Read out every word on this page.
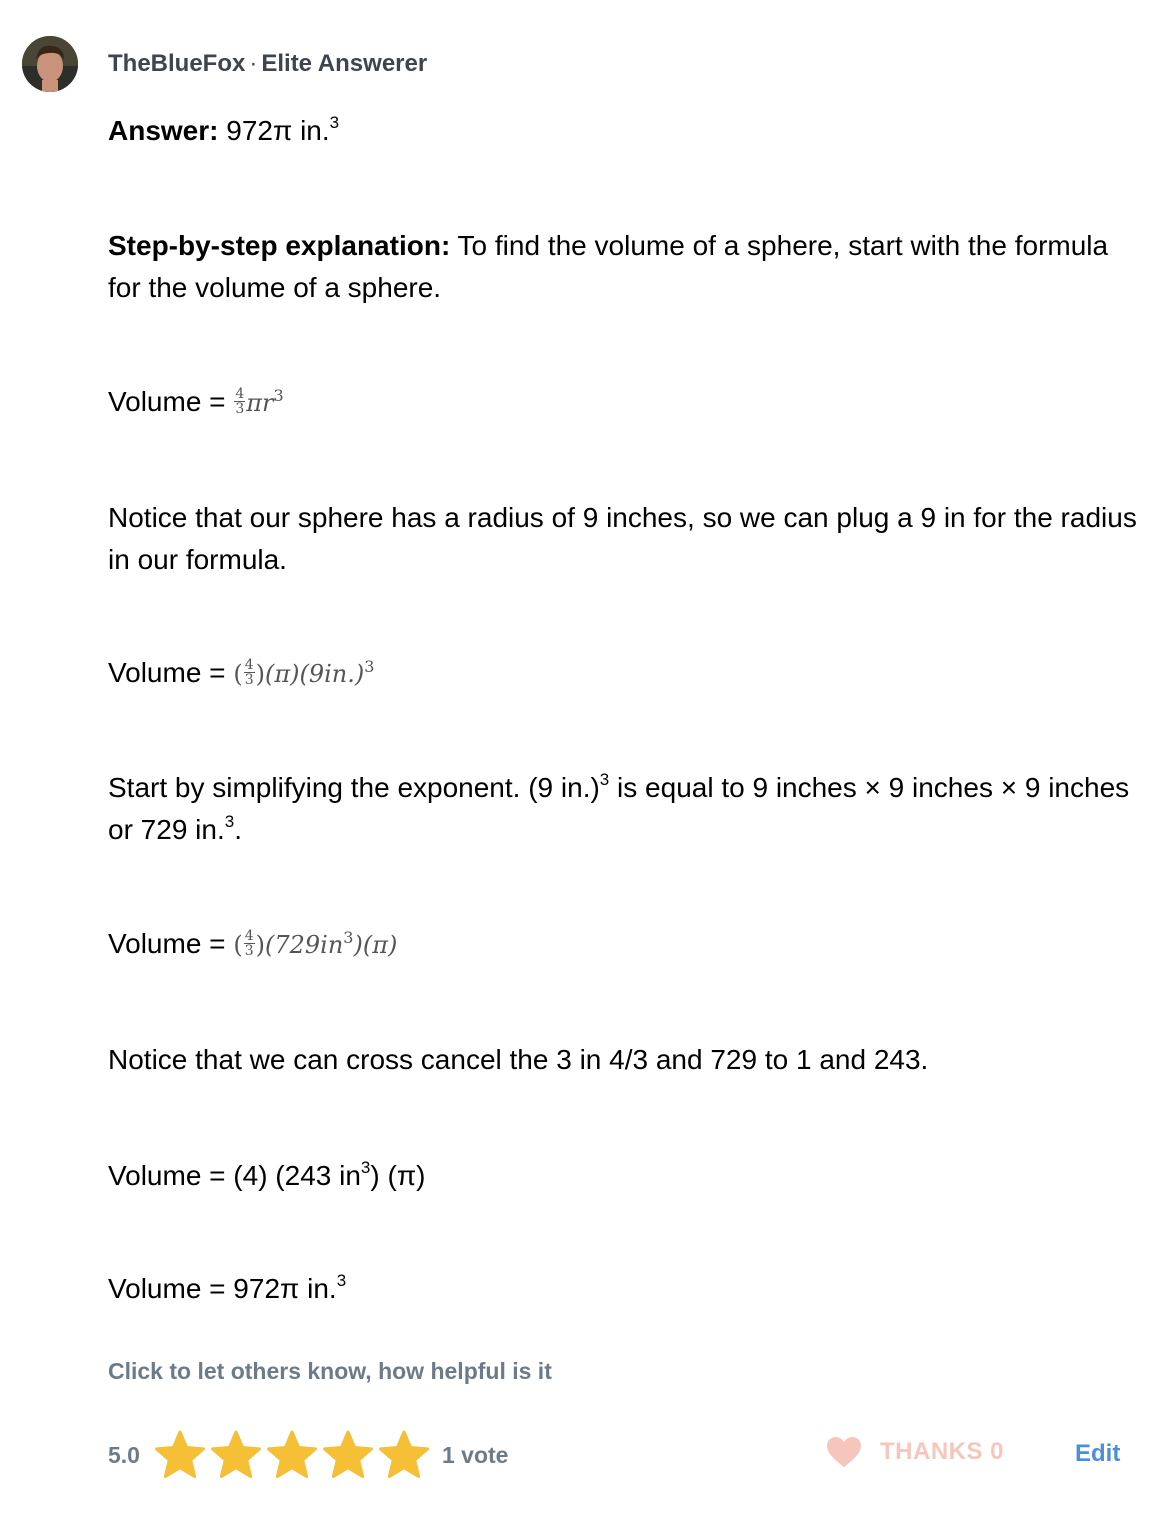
TheBlueFox · Elite Answerer
Answer: 972π in.$^3$
Step-by-step explanation: To find the volume of a sphere, start with the formula for the volume of a sphere.
Volume = $\frac{4}{3} \pi r^3$
Notice that our sphere has a radius of 9 inches, so we can plug a 9 in for the radius in our formula.
Volume = ( $\frac{4}{3} )(\pi)(9in.)^3$
Start by simplifying the exponent. (9 in.)$^3$ is equal to 9 inches × 9 inches × 9 inches or 729 in.$^3$.
Volume = ( $\frac{4}{3} )(729in^3)(\pi)$
Notice that we can cross cancel the 3 in 4/3 and 729 to 1 and 243.
Volume = (4) (243 $in^3$) (π)
Volume = 972π in.$^3$
Click to let others know, how helpful is it
5.0	1 vote	THANKS 0	Edit
